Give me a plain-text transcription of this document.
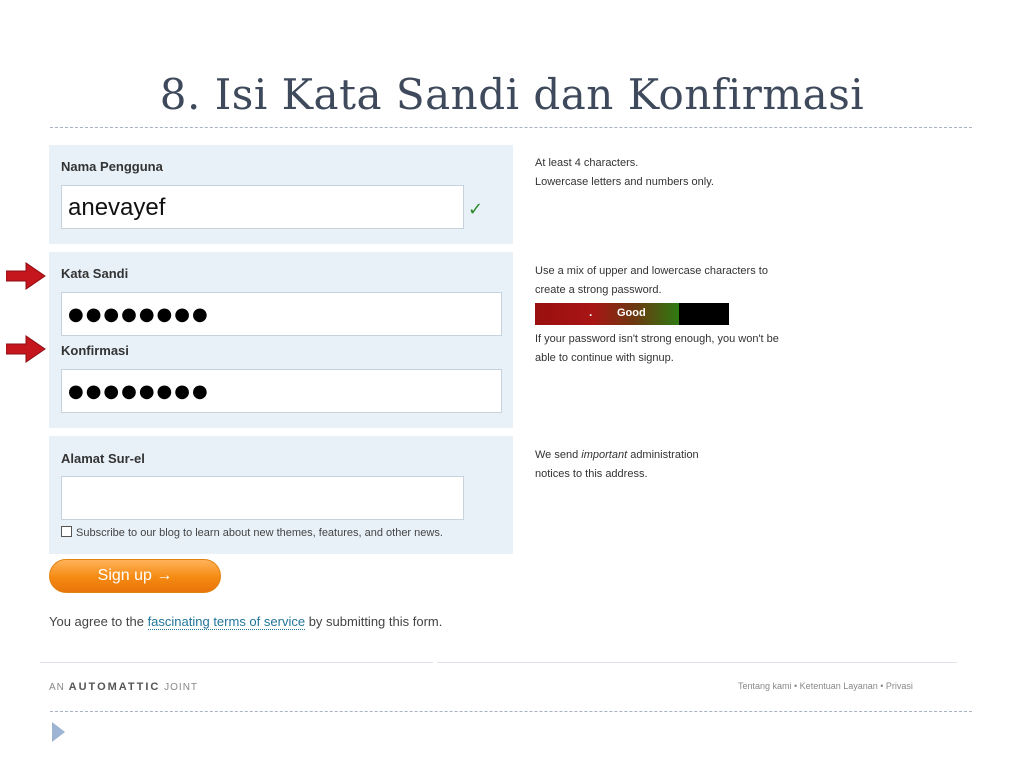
8. Isi Kata Sandi dan Konfirmasi
Nama Pengguna
anevayef	✓
At least 4 characters.
Lowercase letters and numbers only.
Kata Sandi
●●●●●●●●
Konfirmasi
●●●●●●●●
Use a mix of upper and lowercase characters to
create a strong password.
. Good
If your password isn't strong enough, you won't be
able to continue with signup.
Alamat Sur-el
Subscribe to our blog to learn about new themes, features, and other news.
We send important administration
notices to this address.
Sign up →
You agree to the fascinating terms of service by submitting this form.
AN AUTOMATTIC JOINT	Tentang kami • Ketentuan Layanan • Privasi
